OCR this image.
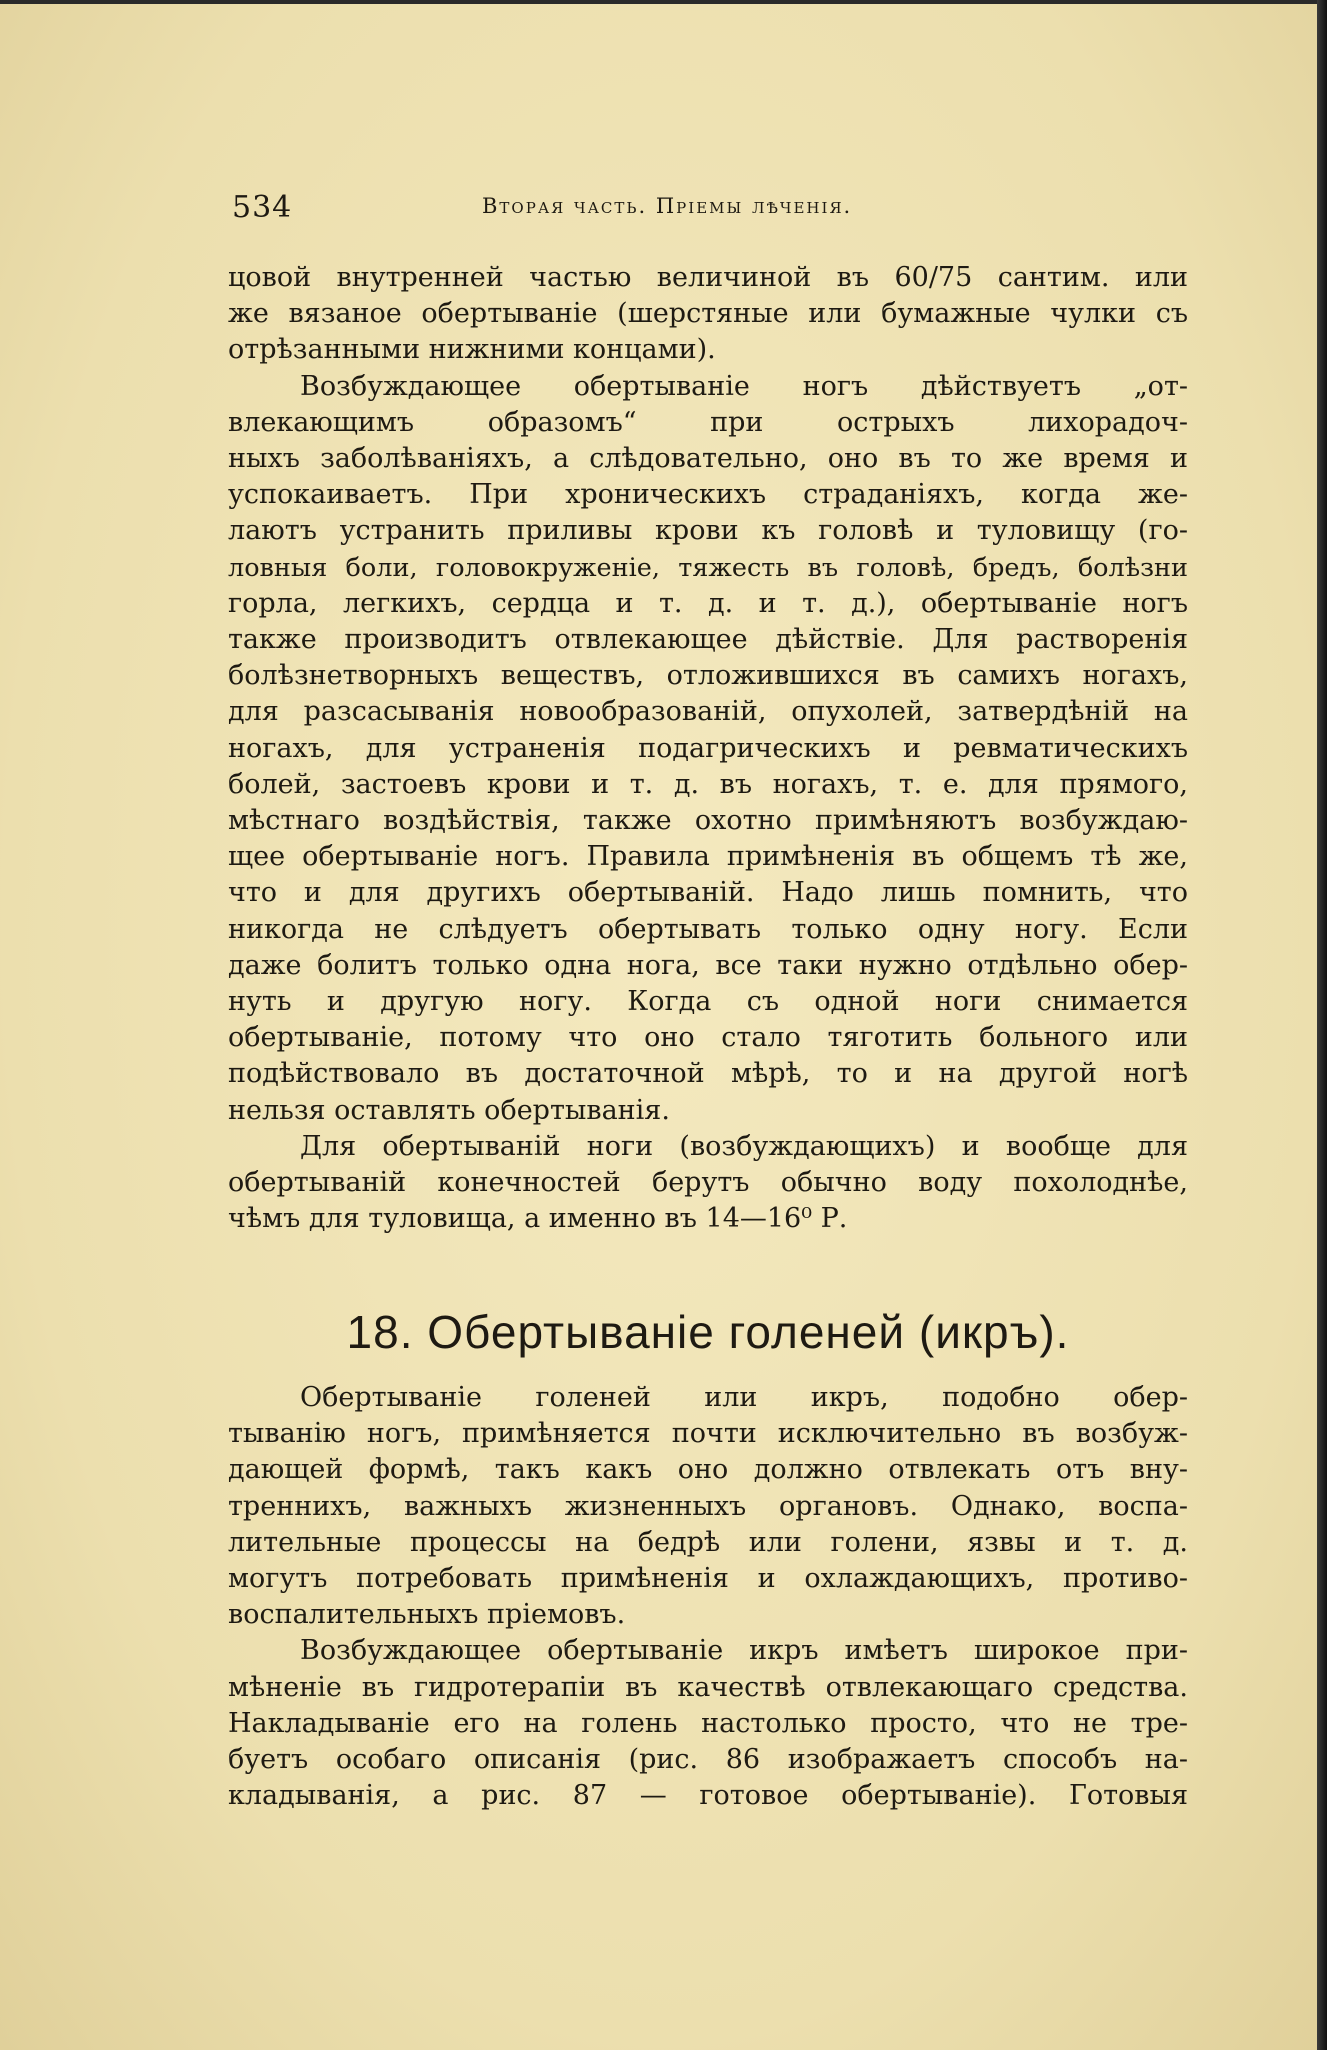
534	Вторая часть. Пріемы лѣченія.
цовой внутренней частью величиной въ 60/75 сантим. или
же вязаное обертываніе (шерстяные или бумажные чулки съ
отрѣзанными нижними концами).
Возбуждающее обертываніе ногъ дѣйствуетъ „от-
влекающимъ образомъ“ при острыхъ лихорадоч-
ныхъ заболѣваніяхъ, а слѣдовательно, оно въ то же время и
успокаиваетъ. При хроническихъ страданіяхъ, когда же-
лаютъ устранить приливы крови къ головѣ и туловищу (го-
ловныя боли, головокруженіе, тяжесть въ головѣ, бредъ, болѣзни
горла, легкихъ, сердца и т. д. и т. д.), обертываніе ногъ
также производитъ отвлекающее дѣйствіе. Для растворенія
болѣзнетворныхъ веществъ, отложившихся въ самихъ ногахъ,
для разсасыванія новообразованій, опухолей, затвердѣній на
ногахъ, для устраненія подагрическихъ и ревматическихъ
болей, застоевъ крови и т. д. въ ногахъ, т. е. для прямого,
мѣстнаго воздѣйствія, также охотно примѣняютъ возбуждаю-
щее обертываніе ногъ. Правила примѣненія въ общемъ тѣ же,
что и для другихъ обертываній. Надо лишь помнить, что
никогда не слѣдуетъ обертывать только одну ногу. Если
даже болитъ только одна нога, все таки нужно отдѣльно обер-
нуть и другую ногу. Когда съ одной ноги снимается
обертываніе, потому что оно стало тяготить больного или
подѣйствовало въ достаточной мѣрѣ, то и на другой ногѣ
нельзя оставлять обертыванія.
Для обертываній ноги (возбуждающихъ) и вообще для
обертываній конечностей берутъ обычно воду похолоднѣе,
чѣмъ для туловища, а именно въ 14—16⁰ Р.
18. Обертываніе голеней (икръ).
Обертываніе голеней или икръ, подобно обер-
тыванію ногъ, примѣняется почти исключительно въ возбуж-
дающей формѣ, такъ какъ оно должно отвлекать отъ вну-
треннихъ, важныхъ жизненныхъ органовъ. Однако, воспа-
лительные процессы на бедрѣ или голени, язвы и т. д.
могутъ потребовать примѣненія и охлаждающихъ, противо-
воспалительныхъ пріемовъ.
Возбуждающее обертываніе икръ имѣетъ широкое при-
мѣненіе въ гидротерапіи въ качествѣ отвлекающаго средства.
Накладываніе его на голень настолько просто, что не тре-
буетъ особаго описанія (рис. 86 изображаетъ способъ на-
кладыванія, а рис. 87 — готовое обертываніе). Готовыя
